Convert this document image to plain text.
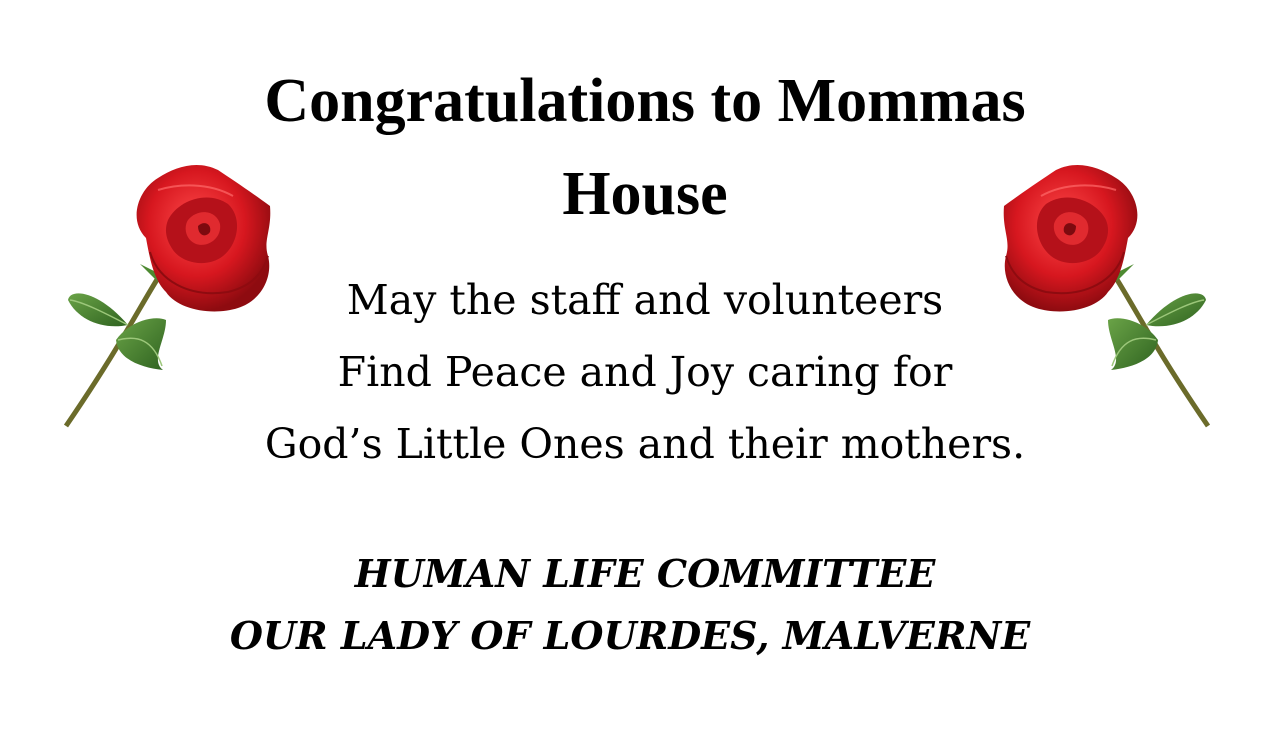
Congratulations to Mommas
House

May the staff and volunteers

Find Peace and Joy caring for

God’s Little Ones and their mothers.

HUMAN LIFE COMMITTEE

OUR LADY OF LOURDES, MALVERNE
